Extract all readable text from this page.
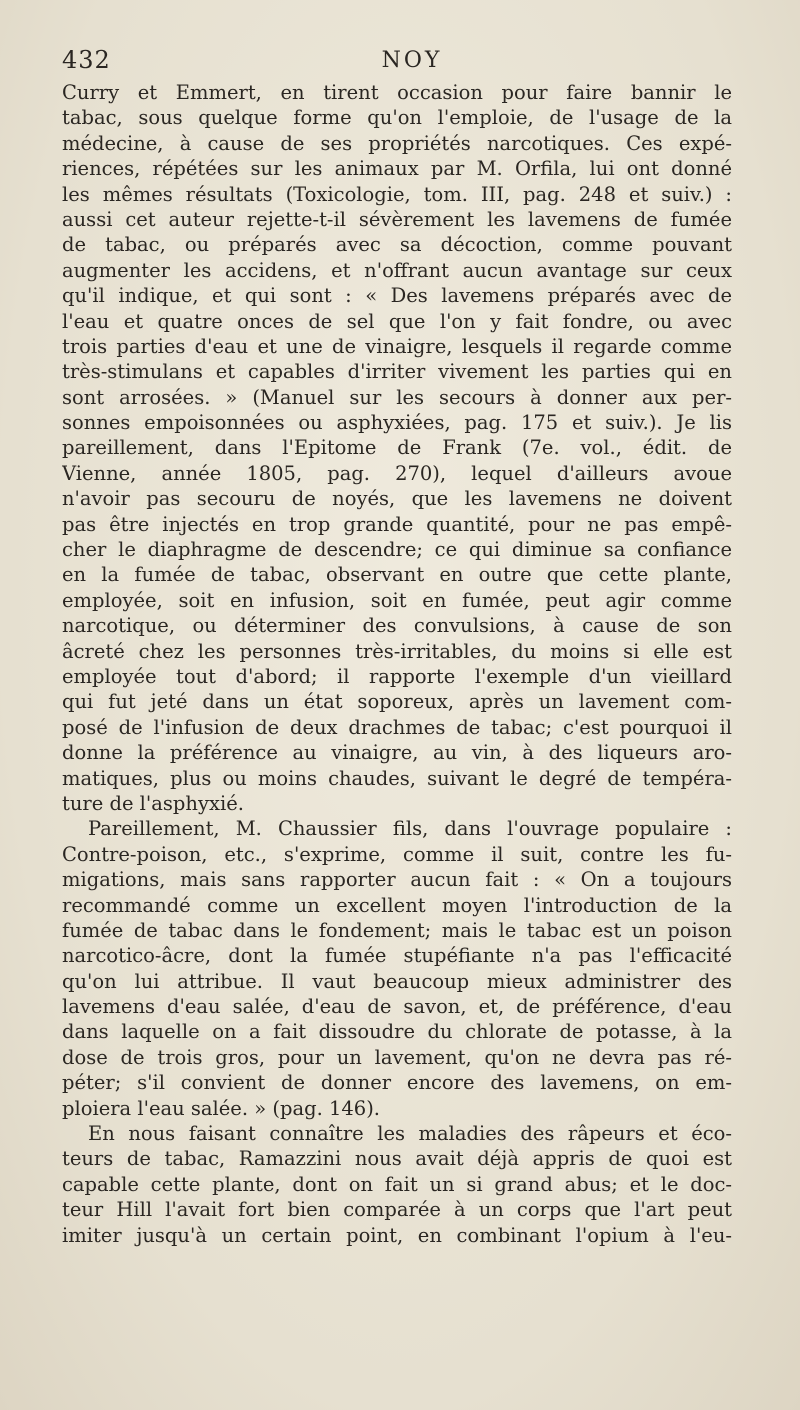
432	NOY
Curry et Emmert, en tirent occasion pour faire bannir le
tabac, sous quelque forme qu'on l'emploie, de l'usage de la
médecine, à cause de ses propriétés narcotiques. Ces expé-
riences, répétées sur les animaux par M. Orfila, lui ont donné
les mêmes résultats (Toxicologie, tom. III, pag. 248 et suiv.) :
aussi cet auteur rejette-t-il sévèrement les lavemens de fumée
de tabac, ou préparés avec sa décoction, comme pouvant
augmenter les accidens, et n'offrant aucun avantage sur ceux
qu'il indique, et qui sont : « Des lavemens préparés avec de
l'eau et quatre onces de sel que l'on y fait fondre, ou avec
trois parties d'eau et une de vinaigre, lesquels il regarde comme
très-stimulans et capables d'irriter vivement les parties qui en
sont arrosées. » (Manuel sur les secours à donner aux per-
sonnes empoisonnées ou asphyxiées, pag. 175 et suiv.). Je lis
pareillement, dans l'Epitome de Frank (7e. vol., édit. de
Vienne, année 1805, pag. 270), lequel d'ailleurs avoue
n'avoir pas secouru de noyés, que les lavemens ne doivent
pas être injectés en trop grande quantité, pour ne pas empê-
cher le diaphragme de descendre; ce qui diminue sa confiance
en la fumée de tabac, observant en outre que cette plante,
employée, soit en infusion, soit en fumée, peut agir comme
narcotique, ou déterminer des convulsions, à cause de son
âcreté chez les personnes très-irritables, du moins si elle est
employée tout d'abord; il rapporte l'exemple d'un vieillard
qui fut jeté dans un état soporeux, après un lavement com-
posé de l'infusion de deux drachmes de tabac; c'est pourquoi il
donne la préférence au vinaigre, au vin, à des liqueurs aro-
matiques, plus ou moins chaudes, suivant le degré de tempéra-
ture de l'asphyxié.
Pareillement, M. Chaussier fils, dans l'ouvrage populaire :
Contre-poison, etc., s'exprime, comme il suit, contre les fu-
migations, mais sans rapporter aucun fait : « On a toujours
recommandé comme un excellent moyen l'introduction de la
fumée de tabac dans le fondement; mais le tabac est un poison
narcotico-âcre, dont la fumée stupéfiante n'a pas l'efficacité
qu'on lui attribue. Il vaut beaucoup mieux administrer des
lavemens d'eau salée, d'eau de savon, et, de préférence, d'eau
dans laquelle on a fait dissoudre du chlorate de potasse, à la
dose de trois gros, pour un lavement, qu'on ne devra pas ré-
péter; s'il convient de donner encore des lavemens, on em-
ploiera l'eau salée. » (pag. 146).
En nous faisant connaître les maladies des râpeurs et éco-
teurs de tabac, Ramazzini nous avait déjà appris de quoi est
capable cette plante, dont on fait un si grand abus; et le doc-
teur Hill l'avait fort bien comparée à un corps que l'art peut
imiter jusqu'à un certain point, en combinant l'opium à l'eu-
